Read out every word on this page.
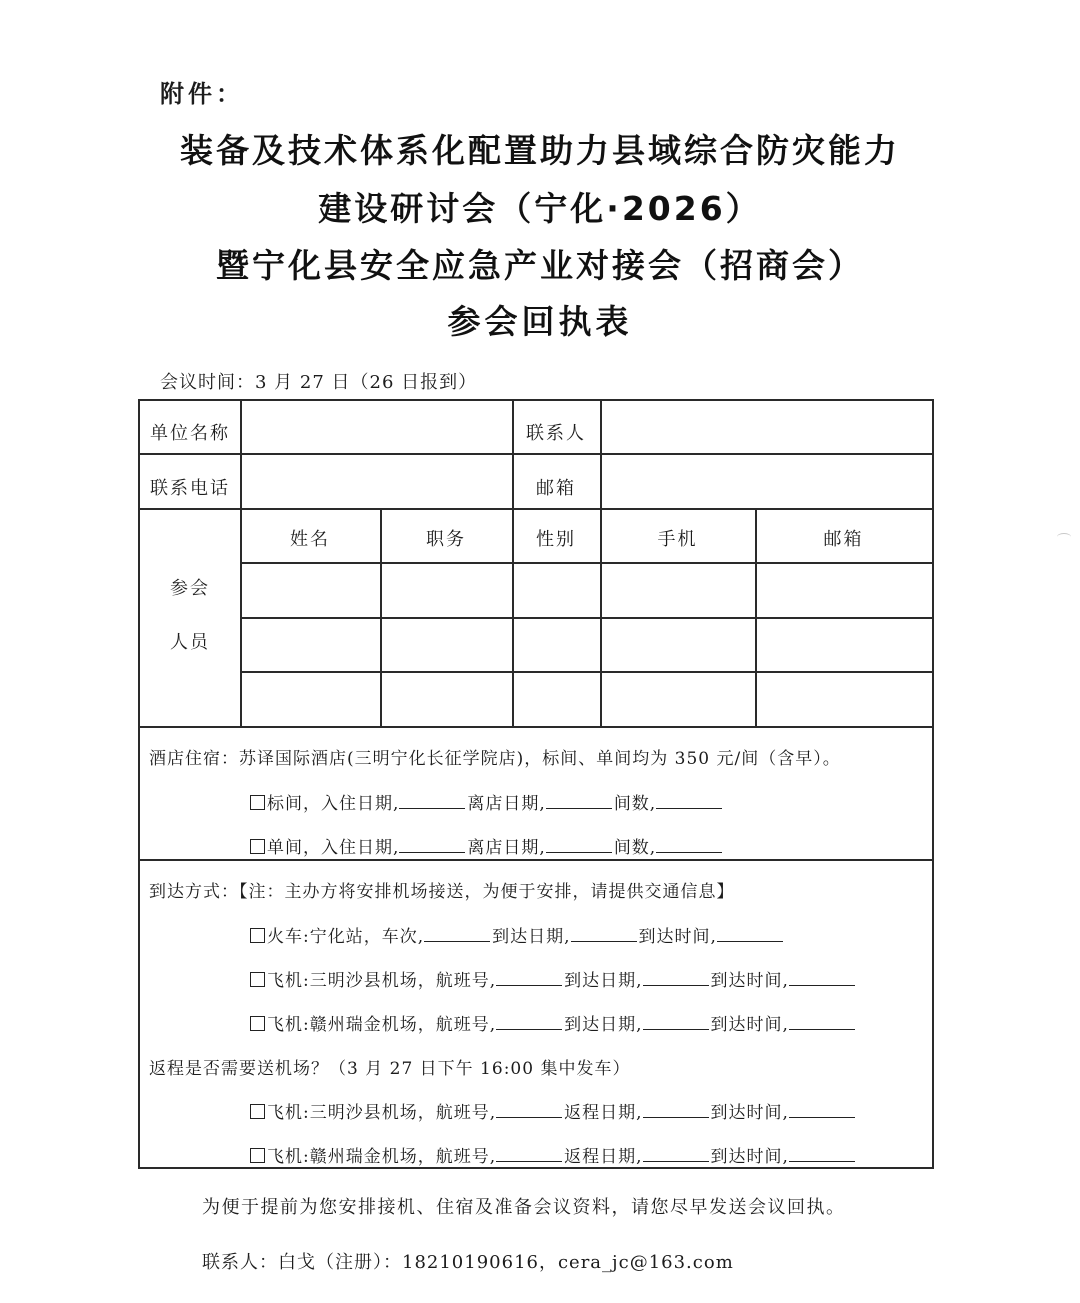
附件：
装备及技术体系化配置助力县域综合防灾能力
建设研讨会（宁化·2026）
暨宁化县安全应急产业对接会（招商会）
参会回执表
会议时间：3 月 27 日（26 日报到）
单位名称	联系人
联系电话	邮箱
参会
人员
姓名	职务	性别	手机	邮箱
酒店住宿：苏译国际酒店(三明宁化长征学院店)，标间、单间均为 350 元/间（含早）。
标间，入住日期,	离店日期,	间数,
单间，入住日期,	离店日期,	间数,
到达方式：【注：主办方将安排机场接送，为便于安排，请提供交通信息】
火车:宁化站，车次,	到达日期,	到达时间,
飞机:三明沙县机场，航班号,	到达日期,	到达时间,
飞机:赣州瑞金机场，航班号,	到达日期,	到达时间,
返程是否需要送机场？（3 月 27 日下午 16:00 集中发车）
飞机:三明沙县机场，航班号,	返程日期,	到达时间,
飞机:赣州瑞金机场，航班号,	返程日期,	到达时间,
为便于提前为您安排接机、住宿及准备会议资料，请您尽早发送会议回执。
联系人：白戈（注册）：18210190616，cera_jc@163.com
